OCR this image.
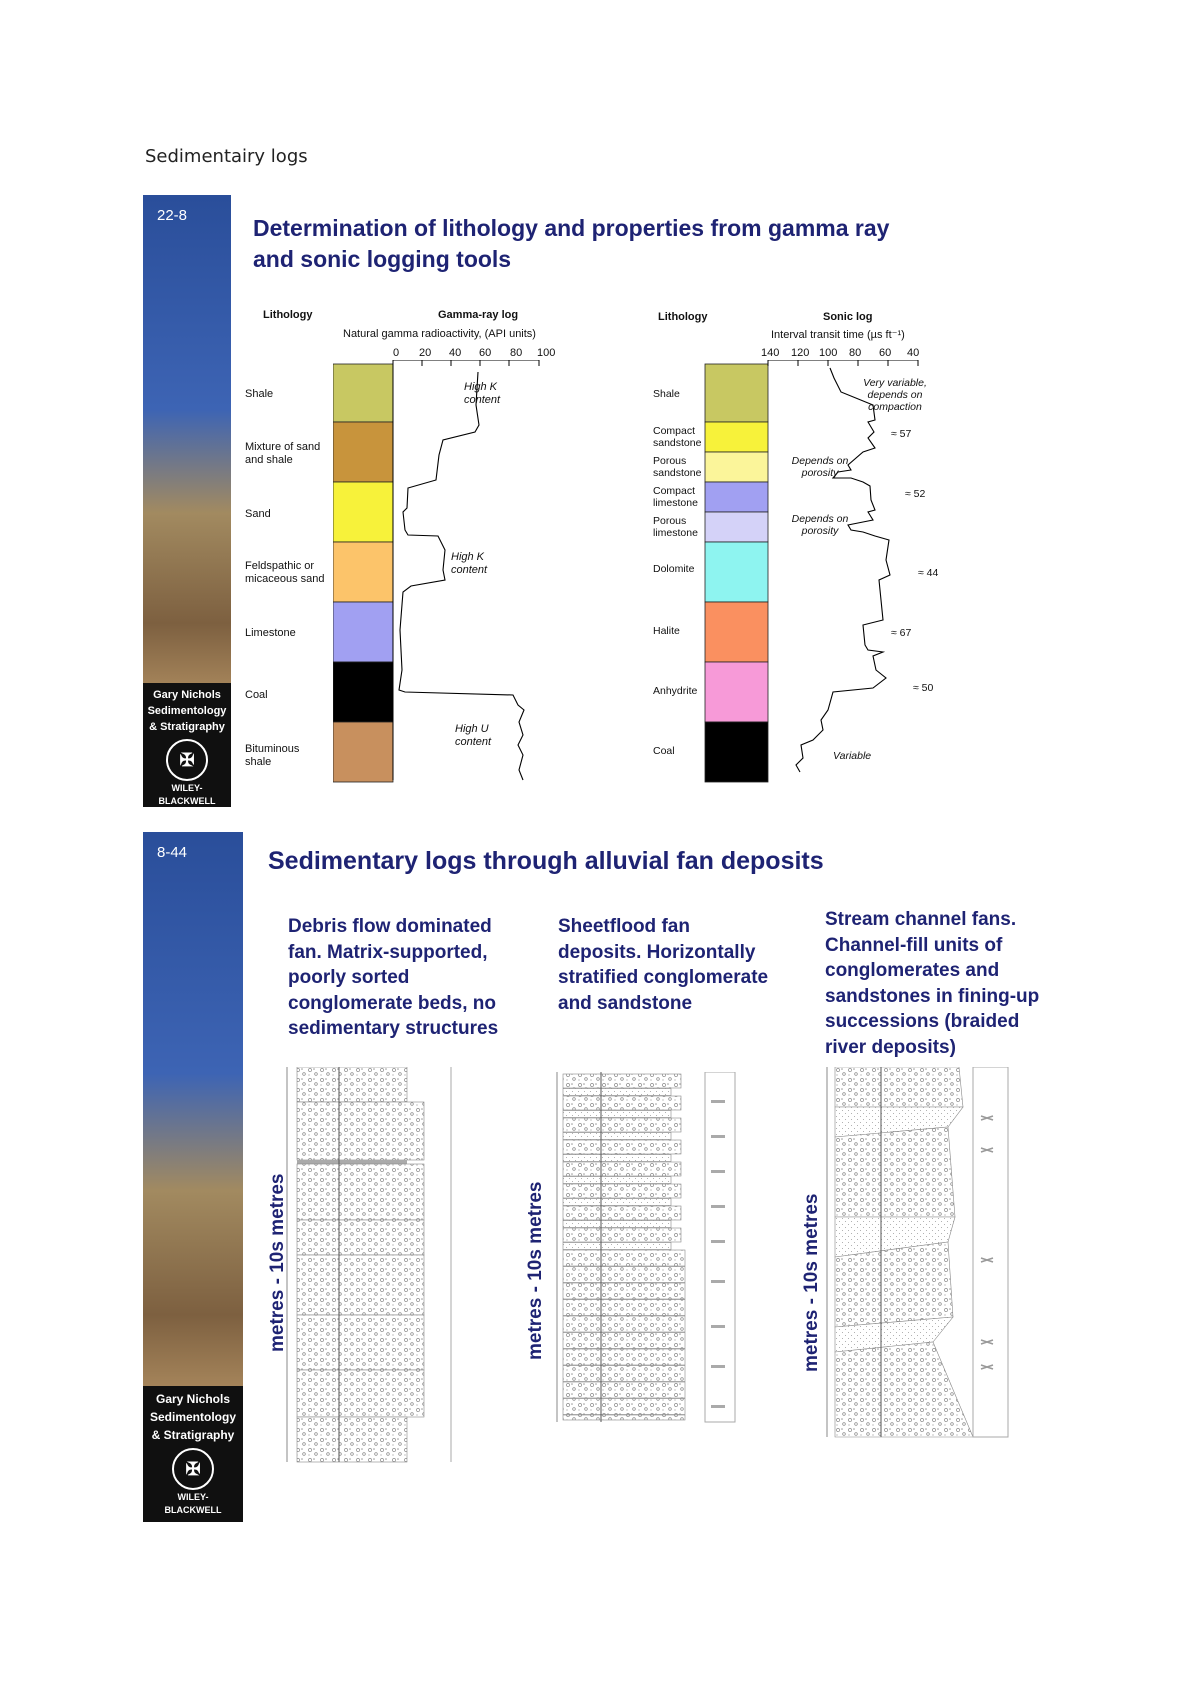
Sedimentairy logs
22-8
Gary Nichols
Sedimentology
& Stratigraphy
✠
WILEY-
BLACKWELL
Determination of lithology and properties from gamma ray
and sonic logging tools
Lithology	Gamma-ray log
Natural gamma radioactivity, (API units)
0 20 40 60 80 100
Shale
Mixture of sand and shale
Sand
Feldspathic or micaceous sand
Limestone
Coal
Bituminous shale
High K content
High K content
High U content
Lithology	Sonic log
Interval transit time (µs ft⁻¹)
140 120 100 80 60 40
Shale
Compact sandstone
Porous sandstone
Compact limestone
Porous limestone
Dolomite
Halite
Anhydrite
Coal
Very variable, depends on compaction
Depends on porosity
Depends on porosity
Variable
≈ 57
≈ 52
≈ 44
≈ 67
≈ 50
8-44
Gary Nichols
Sedimentology
& Stratigraphy
✠
WILEY-
BLACKWELL
Sedimentary logs through alluvial fan deposits
Debris flow dominated
fan. Matrix-supported,
poorly sorted
conglomerate beds, no
sedimentary structures
metres - 10s metres
Sheetflood fan
deposits. Horizontally
stratified conglomerate
and sandstone
metres - 10s metres
Stream channel fans.
Channel-fill units of
conglomerates and
sandstones in fining-up
successions (braided
river deposits)
metres - 10s metres
